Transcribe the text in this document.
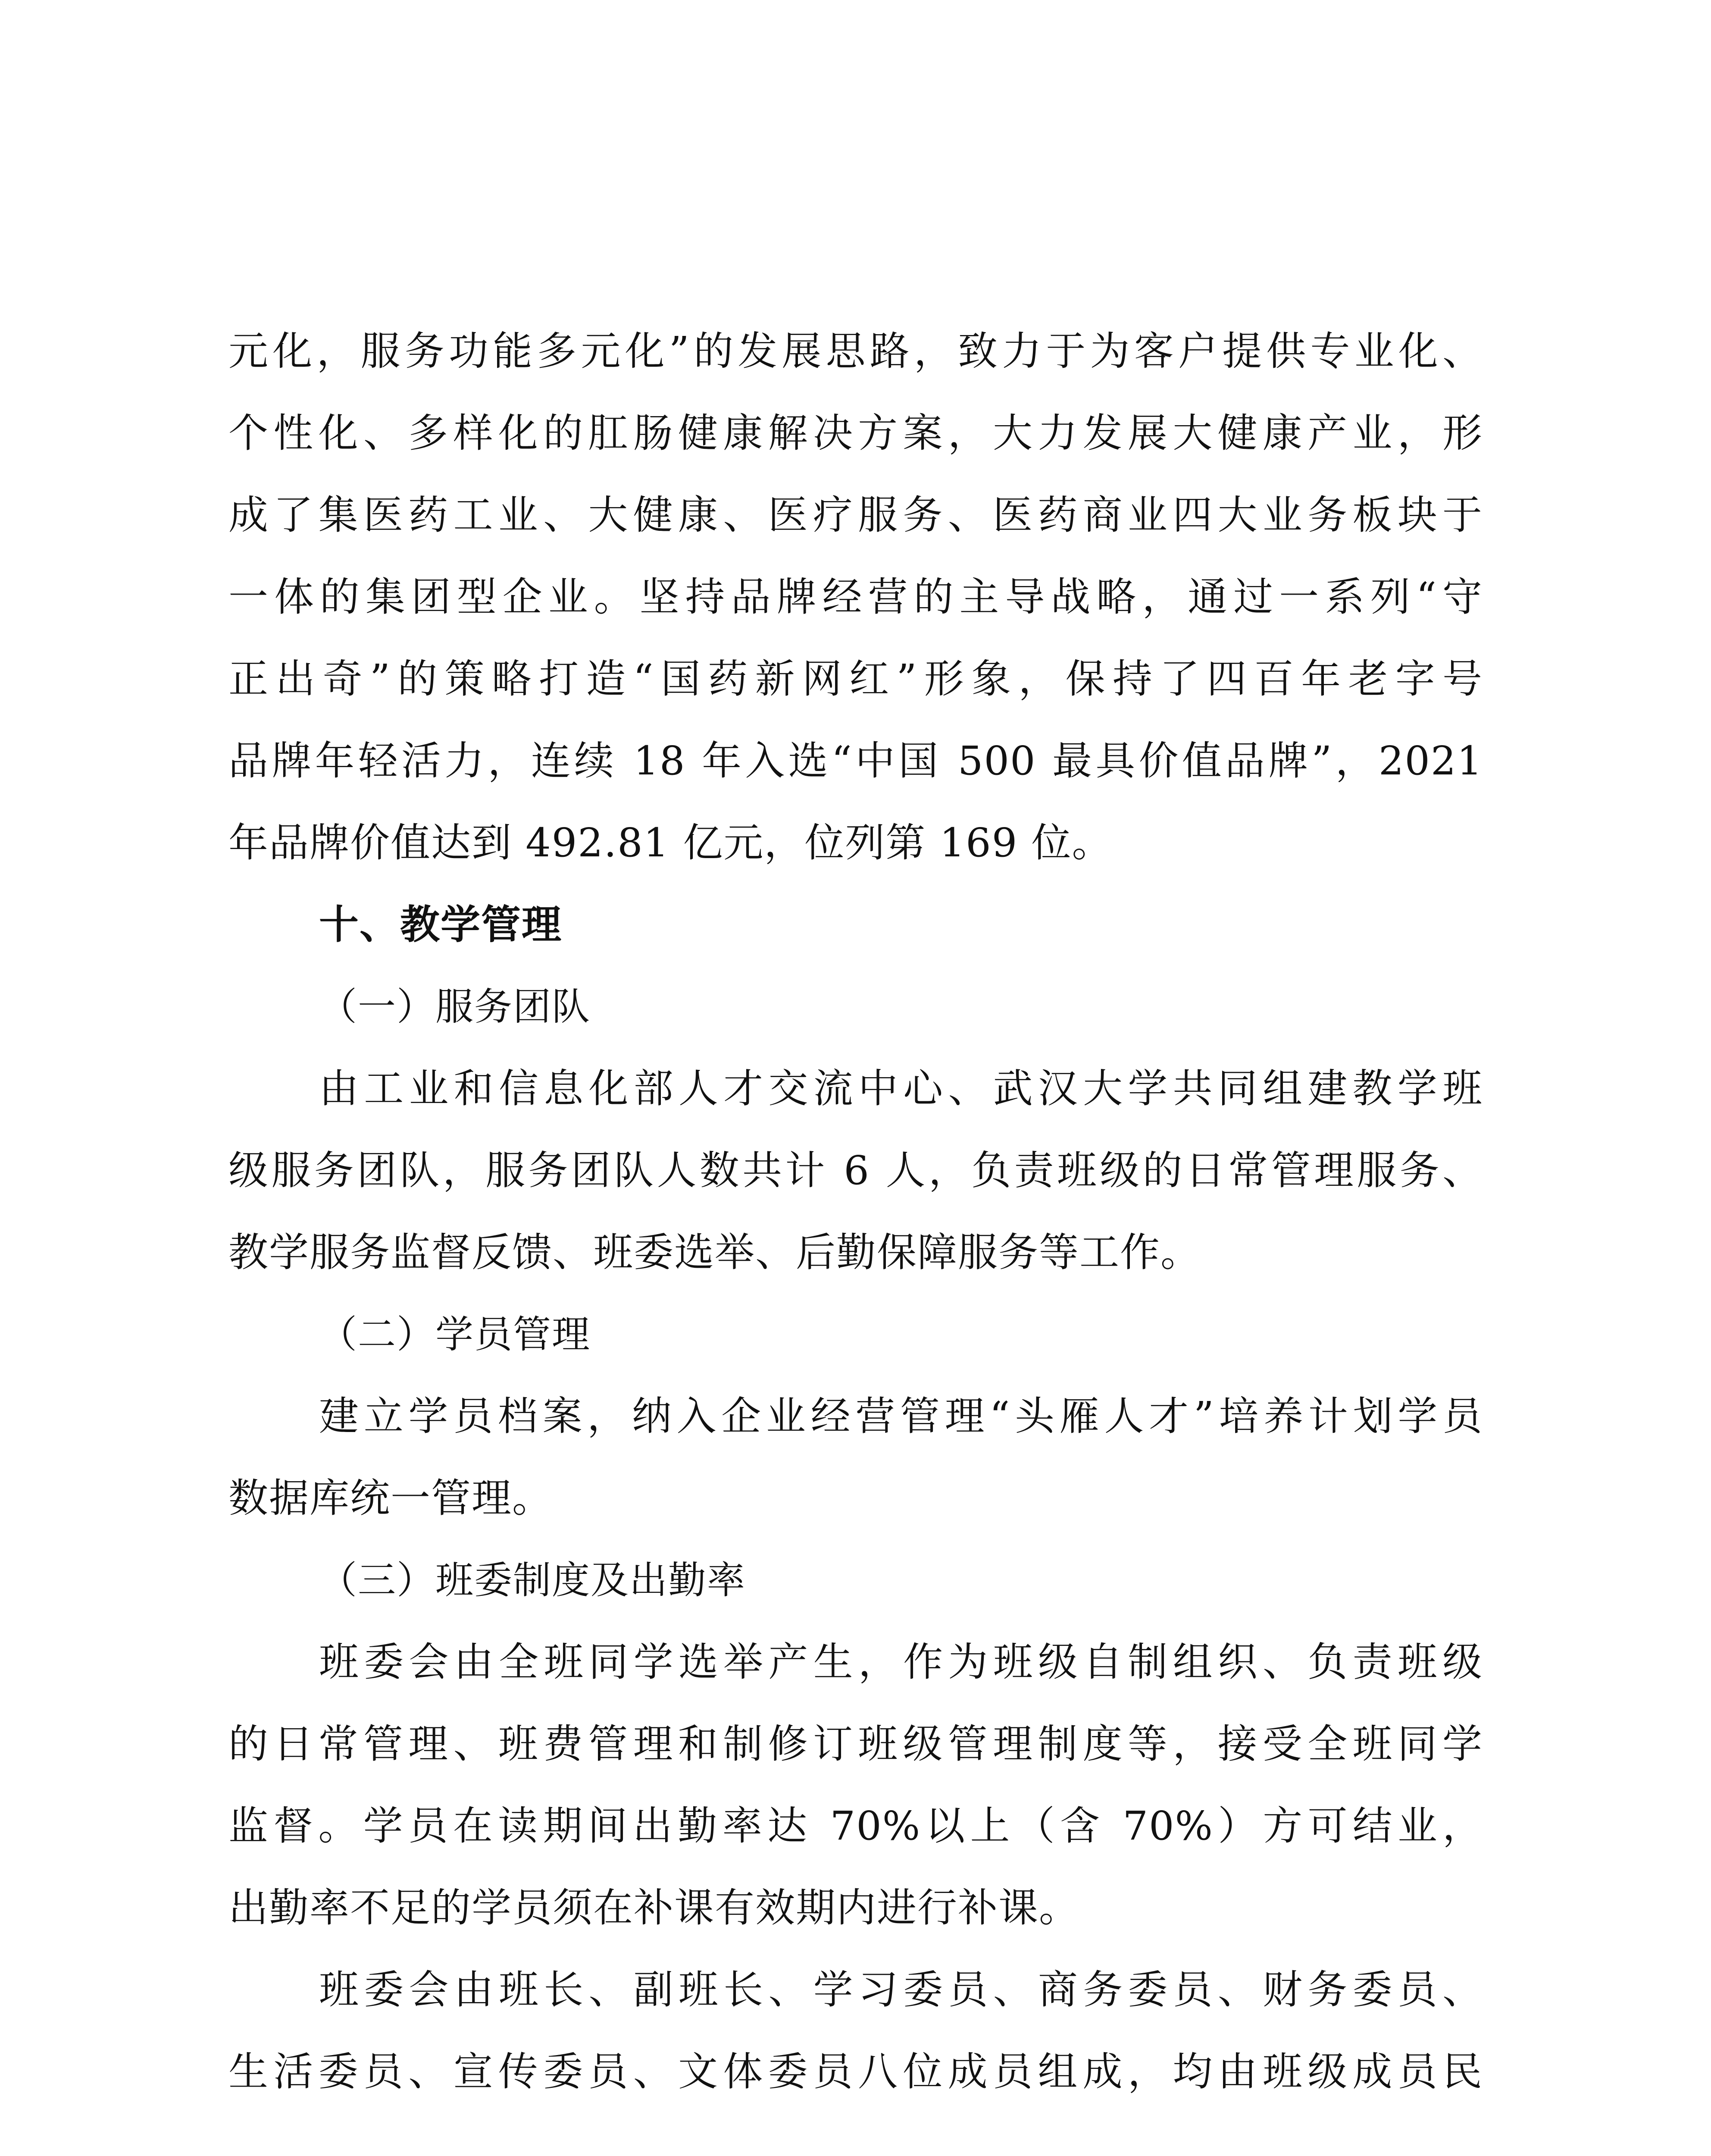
元化，服务功能多元化”的发展思路，致力于为客户提供专业化、
个性化、多样化的肛肠健康解决方案，大力发展大健康产业，形
成了集医药工业、大健康、医疗服务、医药商业四大业务板块于
一体的集团型企业。坚持品牌经营的主导战略，通过一系列“守
正出奇”的策略打造“国药新网红”形象，保持了四百年老字号
品牌年轻活力，连续 18 年入选“中国 500 最具价值品牌”，2021
年品牌价值达到 492.81 亿元，位列第 169 位。
十、教学管理
（一）服务团队
由工业和信息化部人才交流中心、武汉大学共同组建教学班
级服务团队，服务团队人数共计 6 人，负责班级的日常管理服务、
教学服务监督反馈、班委选举、后勤保障服务等工作。
（二）学员管理
建立学员档案，纳入企业经营管理“头雁人才”培养计划学员
数据库统一管理。
（三）班委制度及出勤率
班委会由全班同学选举产生，作为班级自制组织、负责班级
的日常管理、班费管理和制修订班级管理制度等，接受全班同学
监督。学员在读期间出勤率达 70%以上（含 70%）方可结业，
出勤率不足的学员须在补课有效期内进行补课。
班委会由班长、副班长、学习委员、商务委员、财务委员、
生活委员、宣传委员、文体委员八位成员组成，均由班级成员民
